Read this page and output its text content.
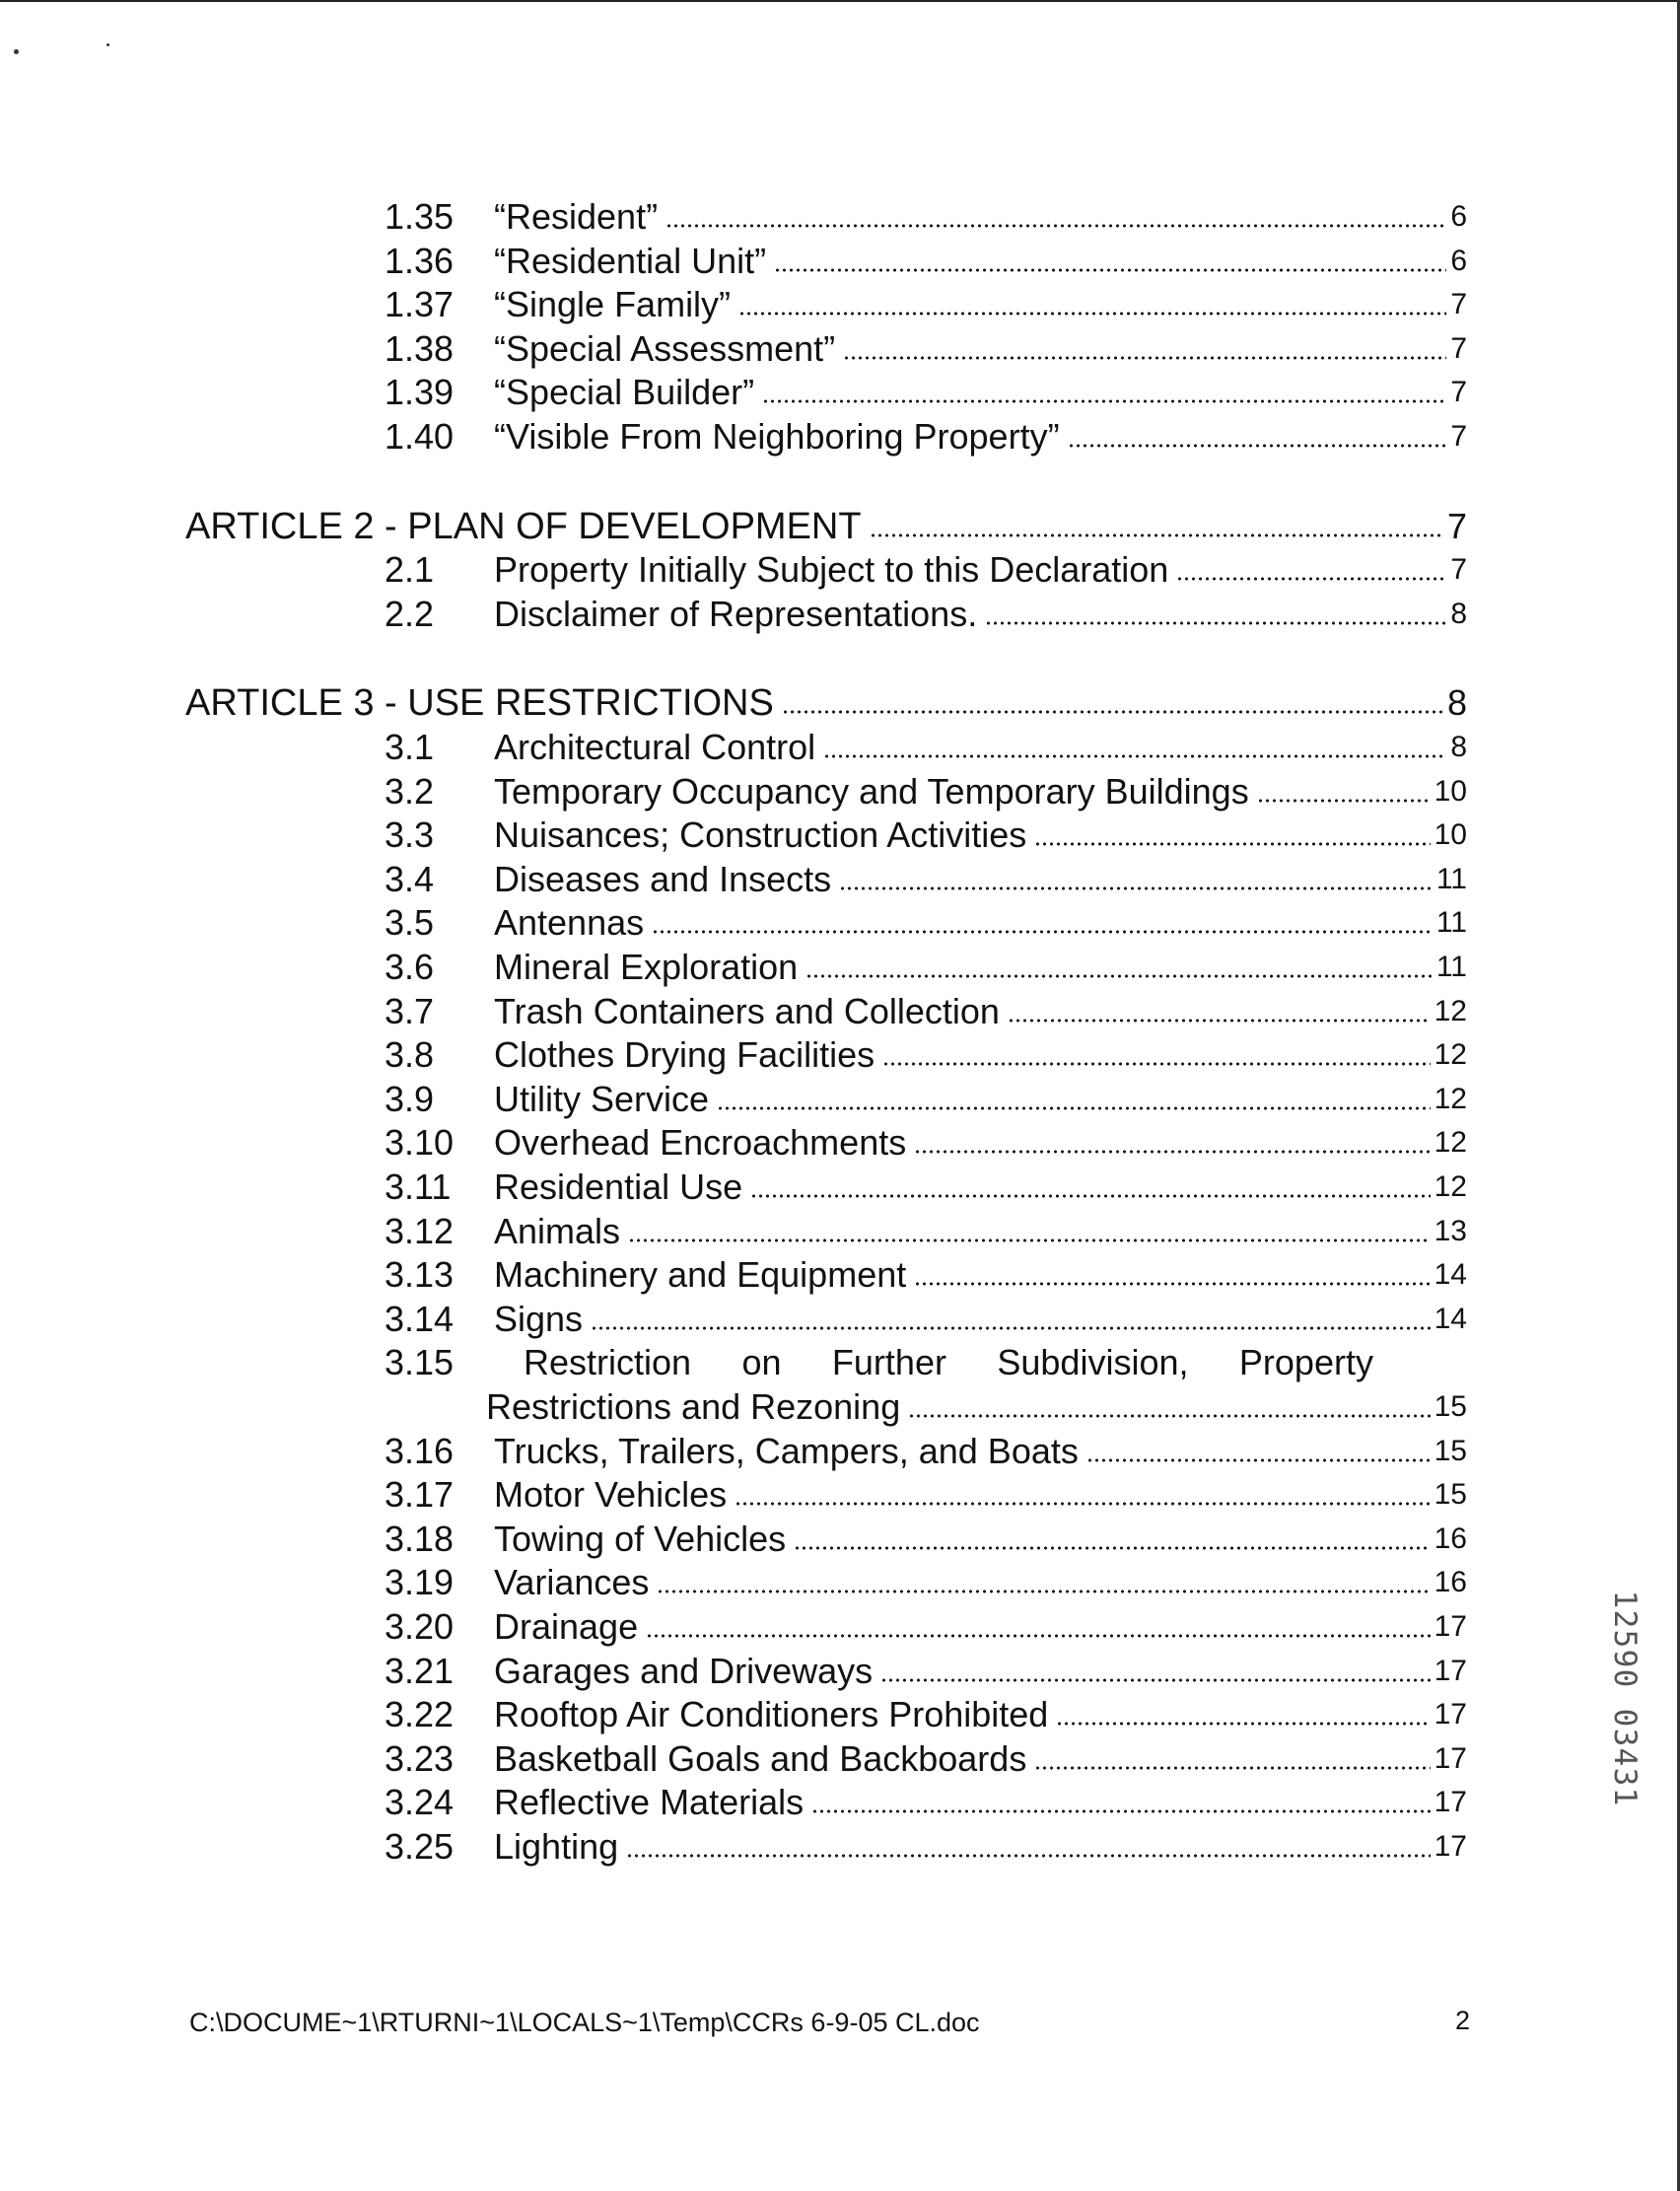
1.35 “Resident”	6
1.36 “Residential Unit”	6
1.37 “Single Family”	7
1.38 “Special Assessment”	7
1.39 “Special Builder”	7
1.40 “Visible From Neighboring Property”	7
ARTICLE 2 - PLAN OF DEVELOPMENT	7
2.1 Property Initially Subject to this Declaration	7
2.2 Disclaimer of Representations.	8
ARTICLE 3 - USE RESTRICTIONS	8
3.1 Architectural Control	8
3.2 Temporary Occupancy and Temporary Buildings	10
3.3 Nuisances; Construction Activities	10
3.4 Diseases and Insects	11
3.5 Antennas	11
3.6 Mineral Exploration	11
3.7 Trash Containers and Collection	12
3.8 Clothes Drying Facilities	12
3.9 Utility Service	12
3.10 Overhead Encroachments	12
3.11 Residential Use	12
3.12 Animals	13
3.13 Machinery and Equipment	14
3.14 Signs	14
3.15 Restriction on Further Subdivision, Property
Restrictions and Rezoning	15
3.16 Trucks, Trailers, Campers, and Boats	15
3.17 Motor Vehicles	15
3.18 Towing of Vehicles	16
3.19 Variances	16
3.20 Drainage	17
3.21 Garages and Driveways	17
3.22 Rooftop Air Conditioners Prohibited	17
3.23 Basketball Goals and Backboards	17
3.24 Reflective Materials	17
3.25 Lighting	17
C:\DOCUME~1\RTURNI~1\LOCALS~1\Temp\CCRs 6-9-05 CL.doc	2
1
2
5
9
0
0
3
4
3
1
